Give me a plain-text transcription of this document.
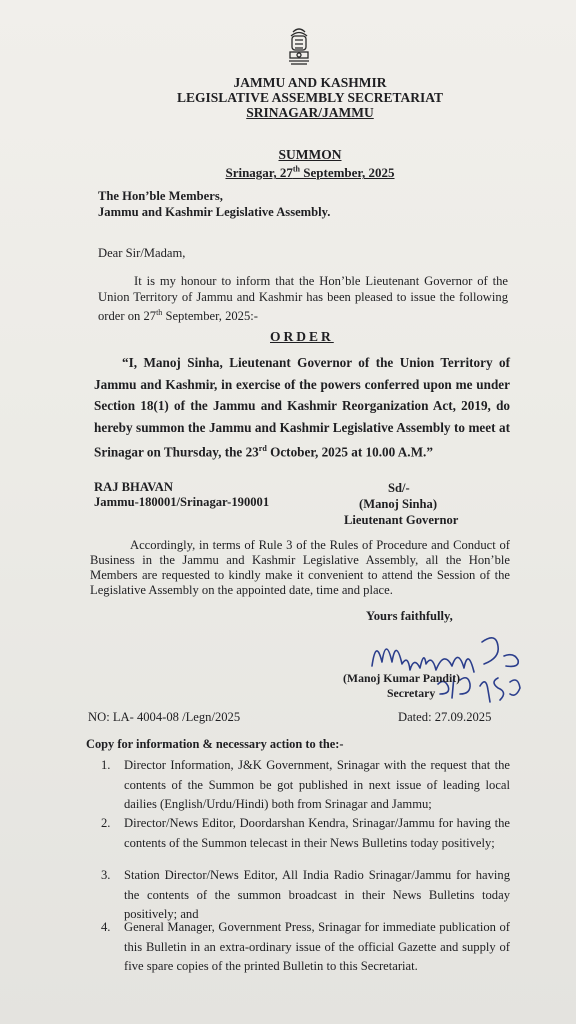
JAMMU AND KASHMIR
LEGISLATIVE ASSEMBLY SECRETARIAT
SRINAGAR/JAMMU
SUMMON
Srinagar, 27th September, 2025
The Hon’ble Members,
Jammu and Kashmir Legislative Assembly.
Dear Sir/Madam,
It is my honour to inform that the Hon’ble Lieutenant Governor of the Union Territory of Jammu and Kashmir has been pleased to issue the following order on 27th September, 2025:-
ORDER
“I, Manoj Sinha, Lieutenant Governor of the Union Territory of Jammu and Kashmir, in exercise of the powers conferred upon me under Section 18(1) of the Jammu and Kashmir Reorganization Act, 2019, do hereby summon the Jammu and Kashmir Legislative Assembly to meet at Srinagar on Thursday, the 23rd October, 2025 at 10.00 A.M.”
RAJ BHAVAN
Jammu-180001/Srinagar-190001
Sd/-
(Manoj Sinha)
Lieutenant Governor
Accordingly, in terms of Rule 3 of the Rules of Procedure and Conduct of Business in the Jammu and Kashmir Legislative Assembly, all the Hon’ble Members are requested to kindly make it convenient to attend the Session of the Legislative Assembly on the appointed date, time and place.
Yours faithfully,
(Manoj Kumar Pandit)
Secretary
NO: LA- 4004-08 /Legn/2025	Dated: 27.09.2025
Copy for information & necessary action to the:-
1. Director Information, J&K Government, Srinagar with the request that the contents of the Summon be got published in next issue of leading local dailies (English/Urdu/Hindi) both from Srinagar and Jammu;
2. Director/News Editor, Doordarshan Kendra, Srinagar/Jammu for having the contents of the Summon telecast in their News Bulletins today positively;
3. Station Director/News Editor, All India Radio Srinagar/Jammu for having the contents of the summon broadcast in their News Bulletins today positively; and
4. General Manager, Government Press, Srinagar for immediate publication of this Bulletin in an extra-ordinary issue of the official Gazette and supply of five spare copies of the printed Bulletin to this Secretariat.
